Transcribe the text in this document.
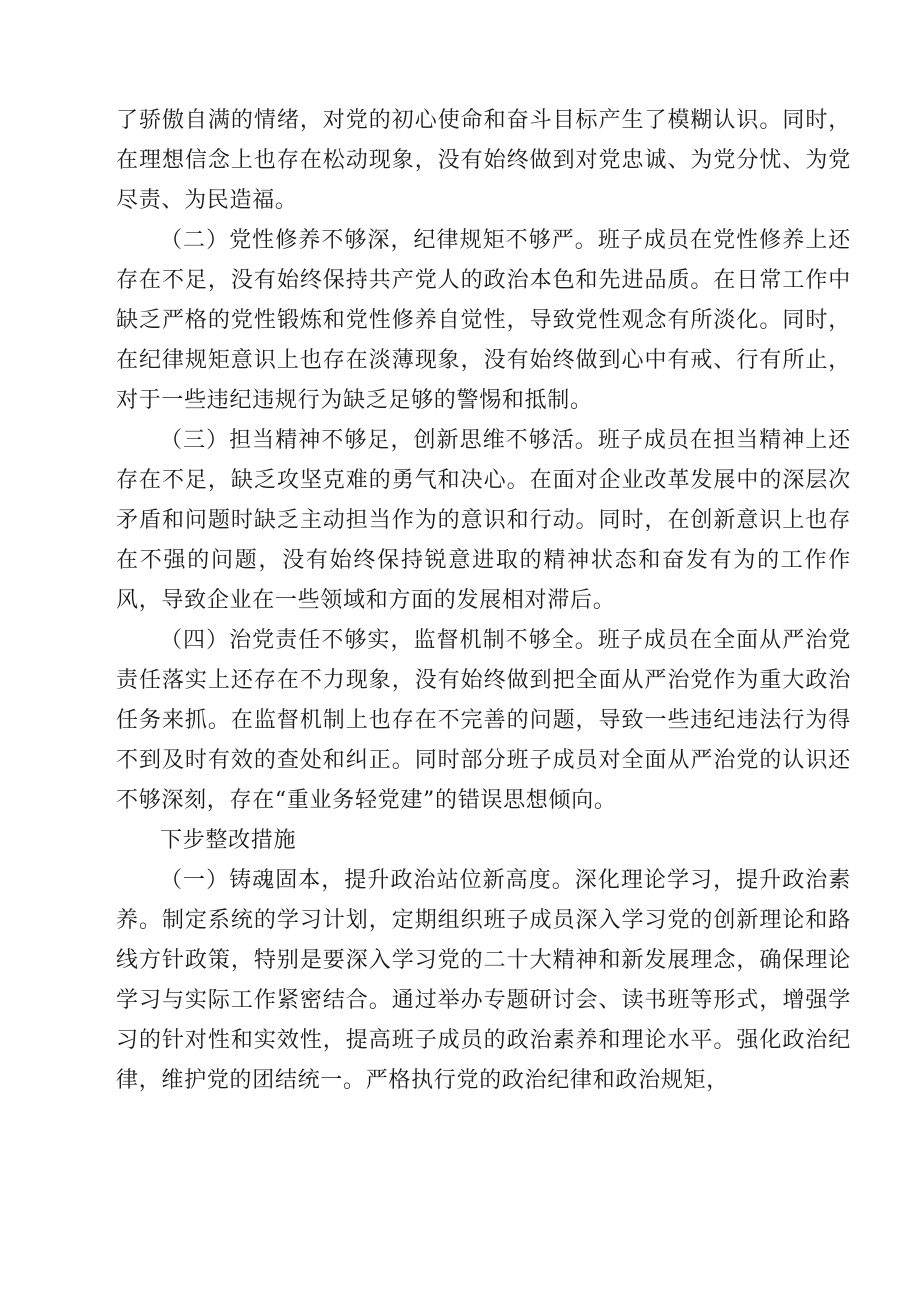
了骄傲自满的情绪，对党的初心使命和奋斗目标产生了模糊认识。同时，在理想信念上也存在松动现象，没有始终做到对党忠诚、为党分忧、为党尽责、为民造福。

（二）党性修养不够深，纪律规矩不够严。班子成员在党性修养上还存在不足，没有始终保持共产党人的政治本色和先进品质。在日常工作中缺乏严格的党性锻炼和党性修养自觉性，导致党性观念有所淡化。同时，在纪律规矩意识上也存在淡薄现象，没有始终做到心中有戒、行有所止，对于一些违纪违规行为缺乏足够的警惕和抵制。

（三）担当精神不够足，创新思维不够活。班子成员在担当精神上还存在不足，缺乏攻坚克难的勇气和决心。在面对企业改革发展中的深层次矛盾和问题时缺乏主动担当作为的意识和行动。同时，在创新意识上也存在不强的问题，没有始终保持锐意进取的精神状态和奋发有为的工作作风，导致企业在一些领域和方面的发展相对滞后。

（四）治党责任不够实，监督机制不够全。班子成员在全面从严治党责任落实上还存在不力现象，没有始终做到把全面从严治党作为重大政治任务来抓。在监督机制上也存在不完善的问题，导致一些违纪违法行为得不到及时有效的查处和纠正。同时部分班子成员对全面从严治党的认识还不够深刻，存在“重业务轻党建”的错误思想倾向。

下步整改措施

（一）铸魂固本，提升政治站位新高度。深化理论学习，提升政治素养。制定系统的学习计划，定期组织班子成员深入学习党的创新理论和路线方针政策，特别是要深入学习党的二十大精神和新发展理念，确保理论学习与实际工作紧密结合。通过举办专题研讨会、读书班等形式，增强学习的针对性和实效性，提高班子成员的政治素养和理论水平。强化政治纪律，维护党的团结统一。严格执行党的政治纪律和政治规矩，
